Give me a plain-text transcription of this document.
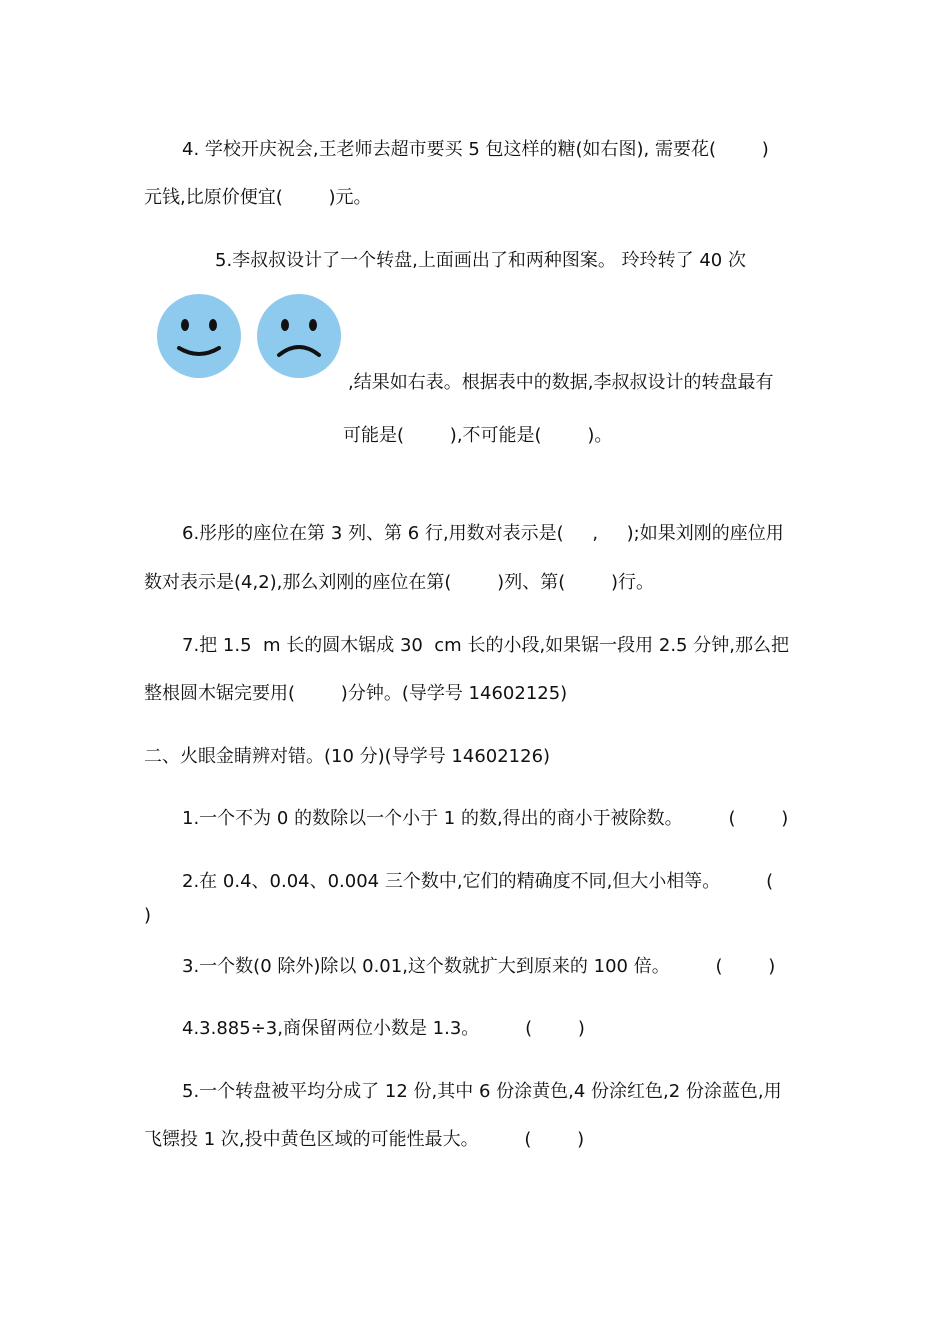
4. 学校开庆祝会,王老师去超市要买 5 包这样的糖(如右图), 需要花(        )
元钱,比原价便宜(        )元。
5.李叔叔设计了一个转盘,上面画出了和两种图案。 玲玲转了 40 次
,结果如右表。根据表中的数据,李叔叔设计的转盘最有
可能是(        ),不可能是(        )。
6.彤彤的座位在第 3 列、第 6 行,用数对表示是(     ,     );如果刘刚的座位用
数对表示是(4,2),那么刘刚的座位在第(        )列、第(        )行。
7.把 1.5  m 长的圆木锯成 30  cm 长的小段,如果锯一段用 2.5 分钟,那么把
整根圆木锯完要用(        )分钟。(导学号 14602125)
二、火眼金睛辨对错。(10 分)(导学号 14602126)
1.一个不为 0 的数除以一个小于 1 的数,得出的商小于被除数。        (        )
2.在 0.4、0.04、0.004 三个数中,它们的精确度不同,但大小相等。        (
)
3.一个数(0 除外)除以 0.01,这个数就扩大到原来的 100 倍。        (        )
4.3.885÷3,商保留两位小数是 1.3。        (        )
5.一个转盘被平均分成了 12 份,其中 6 份涂黄色,4 份涂红色,2 份涂蓝色,用
飞镖投 1 次,投中黄色区域的可能性最大。        (        )
